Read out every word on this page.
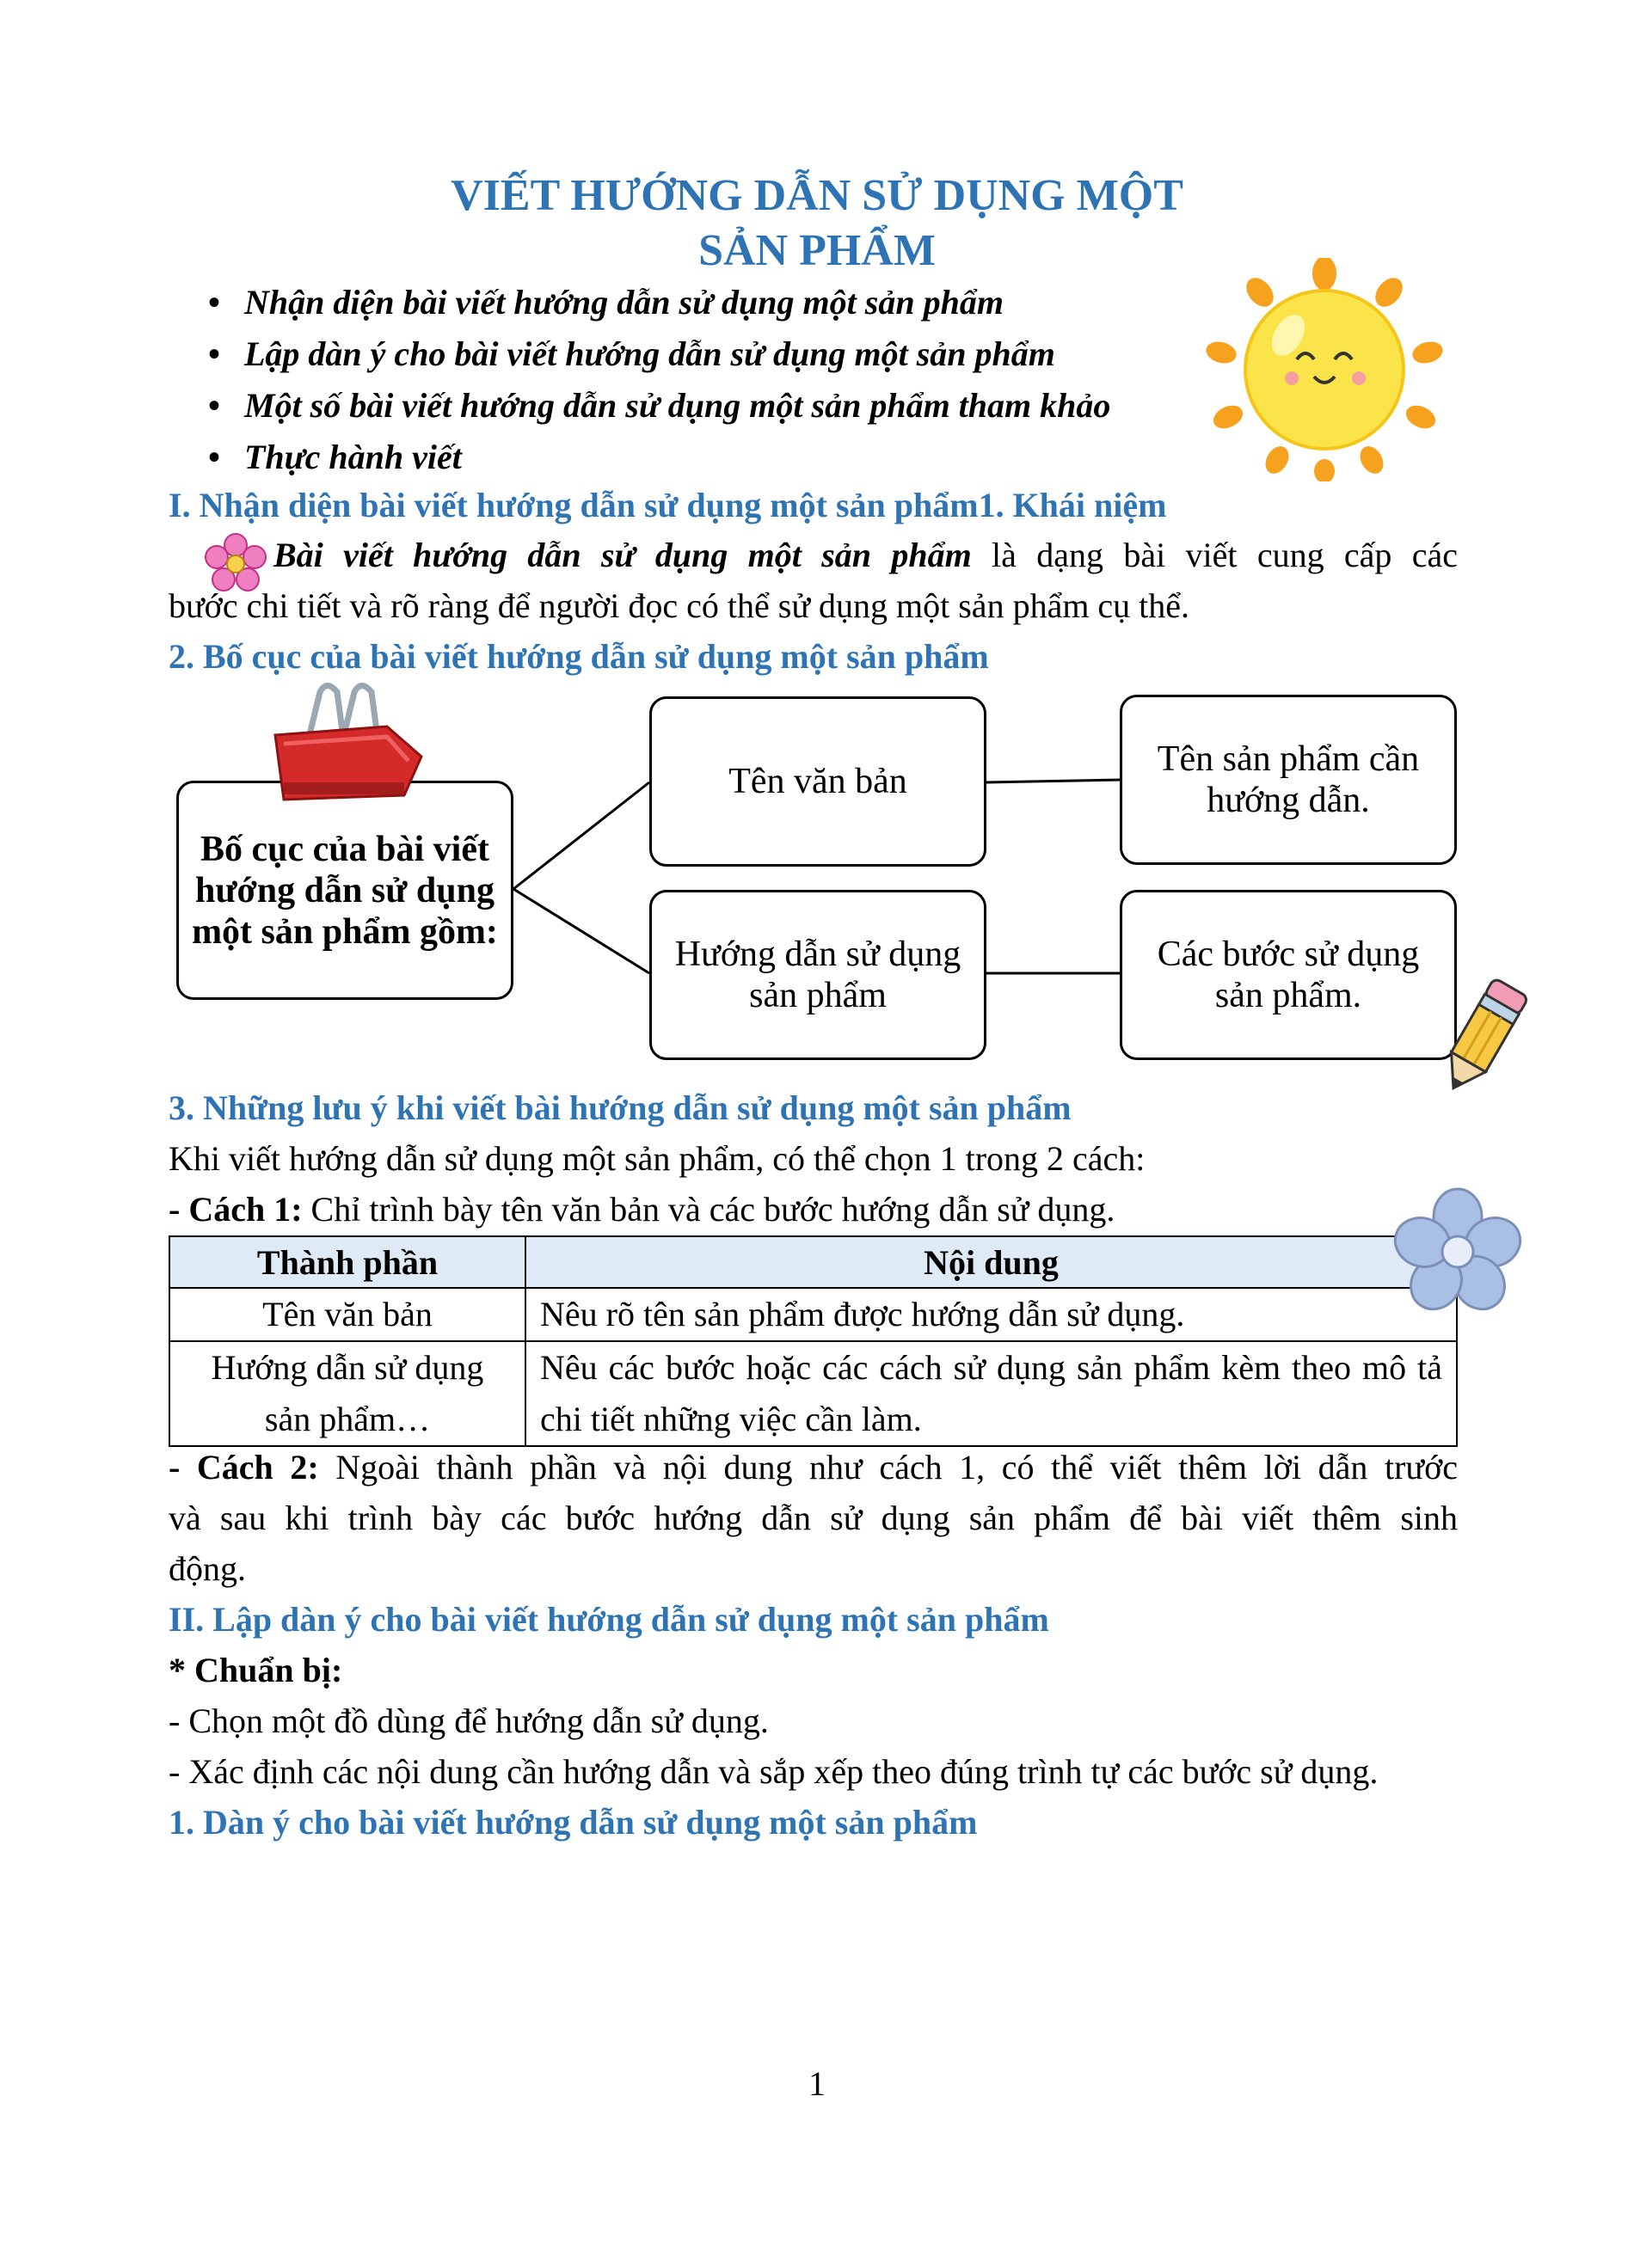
VIẾT HƯỚNG DẪN SỬ DỤNG MỘT
SẢN PHẨM
• Nhận diện bài viết hướng dẫn sử dụng một sản phẩm
• Lập dàn ý cho bài viết hướng dẫn sử dụng một sản phẩm
• Một số bài viết hướng dẫn sử dụng một sản phẩm tham khảo
• Thực hành viết
I. Nhận diện bài viết hướng dẫn sử dụng một sản phẩm1. Khái niệm
Bài viết hướng dẫn sử dụng một sản phẩm là dạng bài viết cung cấp các
bước chi tiết và rõ ràng để người đọc có thể sử dụng một sản phẩm cụ thể.
2. Bố cục của bài viết hướng dẫn sử dụng một sản phẩm
Bố cục của bài viết hướng dẫn sử dụng một sản phẩm gồm:
Tên văn bản
Tên sản phẩm cần hướng dẫn.
Hướng dẫn sử dụng sản phẩm
Các bước sử dụng sản phẩm.
3. Những lưu ý khi viết bài hướng dẫn sử dụng một sản phẩm
Khi viết hướng dẫn sử dụng một sản phẩm, có thể chọn 1 trong 2 cách:
- Cách 1: Chỉ trình bày tên văn bản và các bước hướng dẫn sử dụng.
Thành phần	Nội dung
Tên văn bản	Nêu rõ tên sản phẩm được hướng dẫn sử dụng.
Hướng dẫn sử dụng sản phẩm…	Nêu các bước hoặc các cách sử dụng sản phẩm kèm theo mô tả chi tiết những việc cần làm.
- Cách 2: Ngoài thành phần và nội dung như cách 1, có thể viết thêm lời dẫn trước
và sau khi trình bày các bước hướng dẫn sử dụng sản phẩm để bài viết thêm sinh
động.
II. Lập dàn ý cho bài viết hướng dẫn sử dụng một sản phẩm
* Chuẩn bị:
- Chọn một đồ dùng để hướng dẫn sử dụng.
- Xác định các nội dung cần hướng dẫn và sắp xếp theo đúng trình tự các bước sử dụng.
1. Dàn ý cho bài viết hướng dẫn sử dụng một sản phẩm
1
